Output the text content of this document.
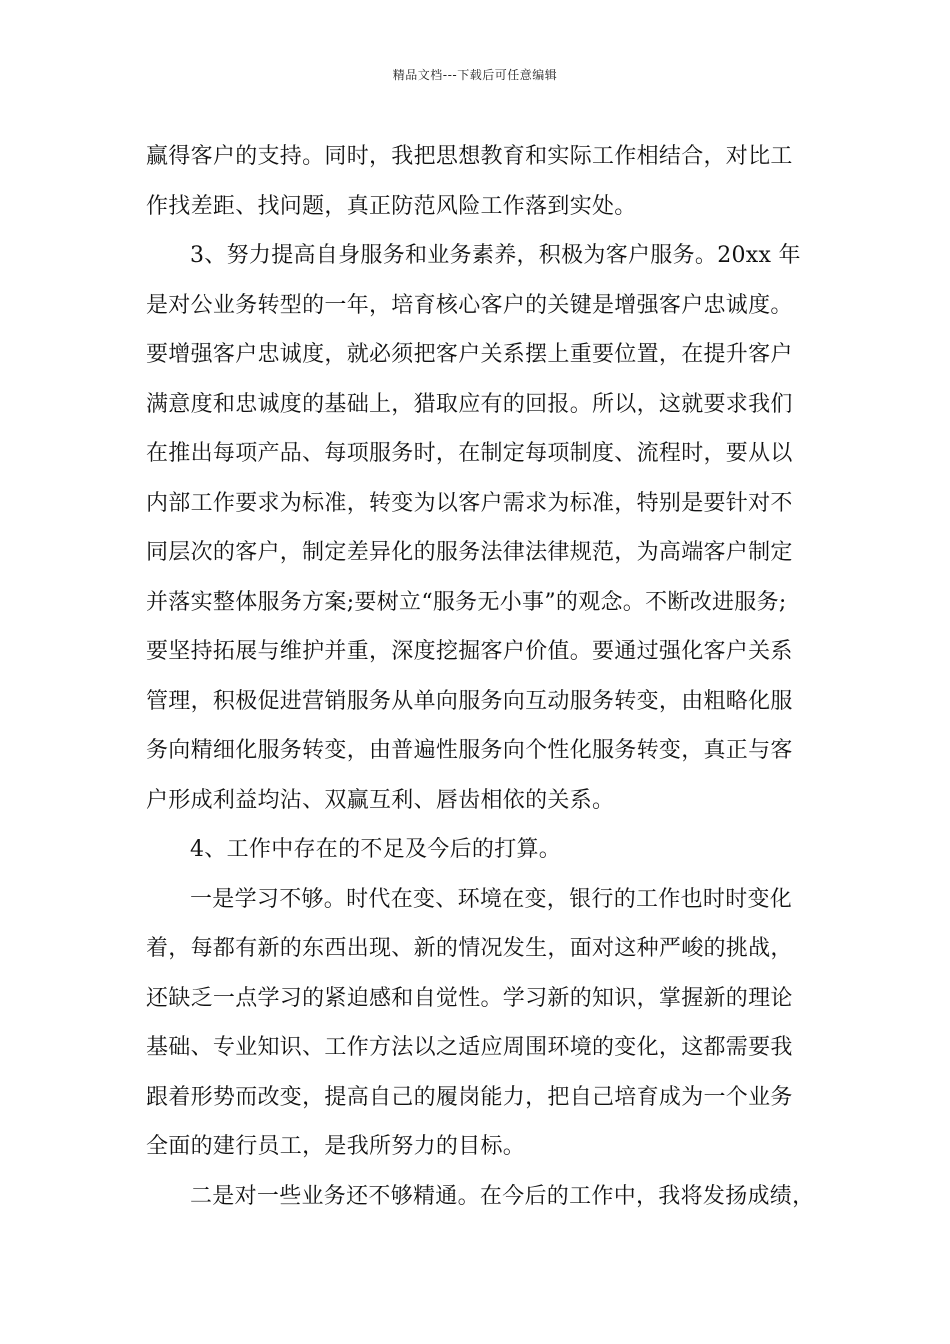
精品文档---下载后可任意编辑
赢得客户的支持。同时，我把思想教育和实际工作相结合，对比工
作找差距、找问题，真正防范风险工作落到实处。
3、努力提高自身服务和业务素养，积极为客户服务。20xx 年
是对公业务转型的一年，培育核心客户的关键是增强客户忠诚度。
要增强客户忠诚度，就必须把客户关系摆上重要位置，在提升客户
满意度和忠诚度的基础上，猎取应有的回报。所以，这就要求我们
在推出每项产品、每项服务时，在制定每项制度、流程时，要从以
内部工作要求为标准，转变为以客户需求为标准，特别是要针对不
同层次的客户，制定差异化的服务法律法律规范，为高端客户制定
并落实整体服务方案;要树立“服务无小事”的观念。不断改进服务;
要坚持拓展与维护并重，深度挖掘客户价值。要通过强化客户关系
管理，积极促进营销服务从单向服务向互动服务转变，由粗略化服
务向精细化服务转变，由普遍性服务向个性化服务转变，真正与客
户形成利益均沾、双赢互利、唇齿相依的关系。
4、工作中存在的不足及今后的打算。
一是学习不够。时代在变、环境在变，银行的工作也时时变化
着，每都有新的东西出现、新的情况发生，面对这种严峻的挑战，
还缺乏一点学习的紧迫感和自觉性。学习新的知识，掌握新的理论
基础、专业知识、工作方法以之适应周围环境的变化，这都需要我
跟着形势而改变，提高自己的履岗能力，把自己培育成为一个业务
全面的建行员工，是我所努力的目标。
二是对一些业务还不够精通。在今后的工作中，我将发扬成绩，
